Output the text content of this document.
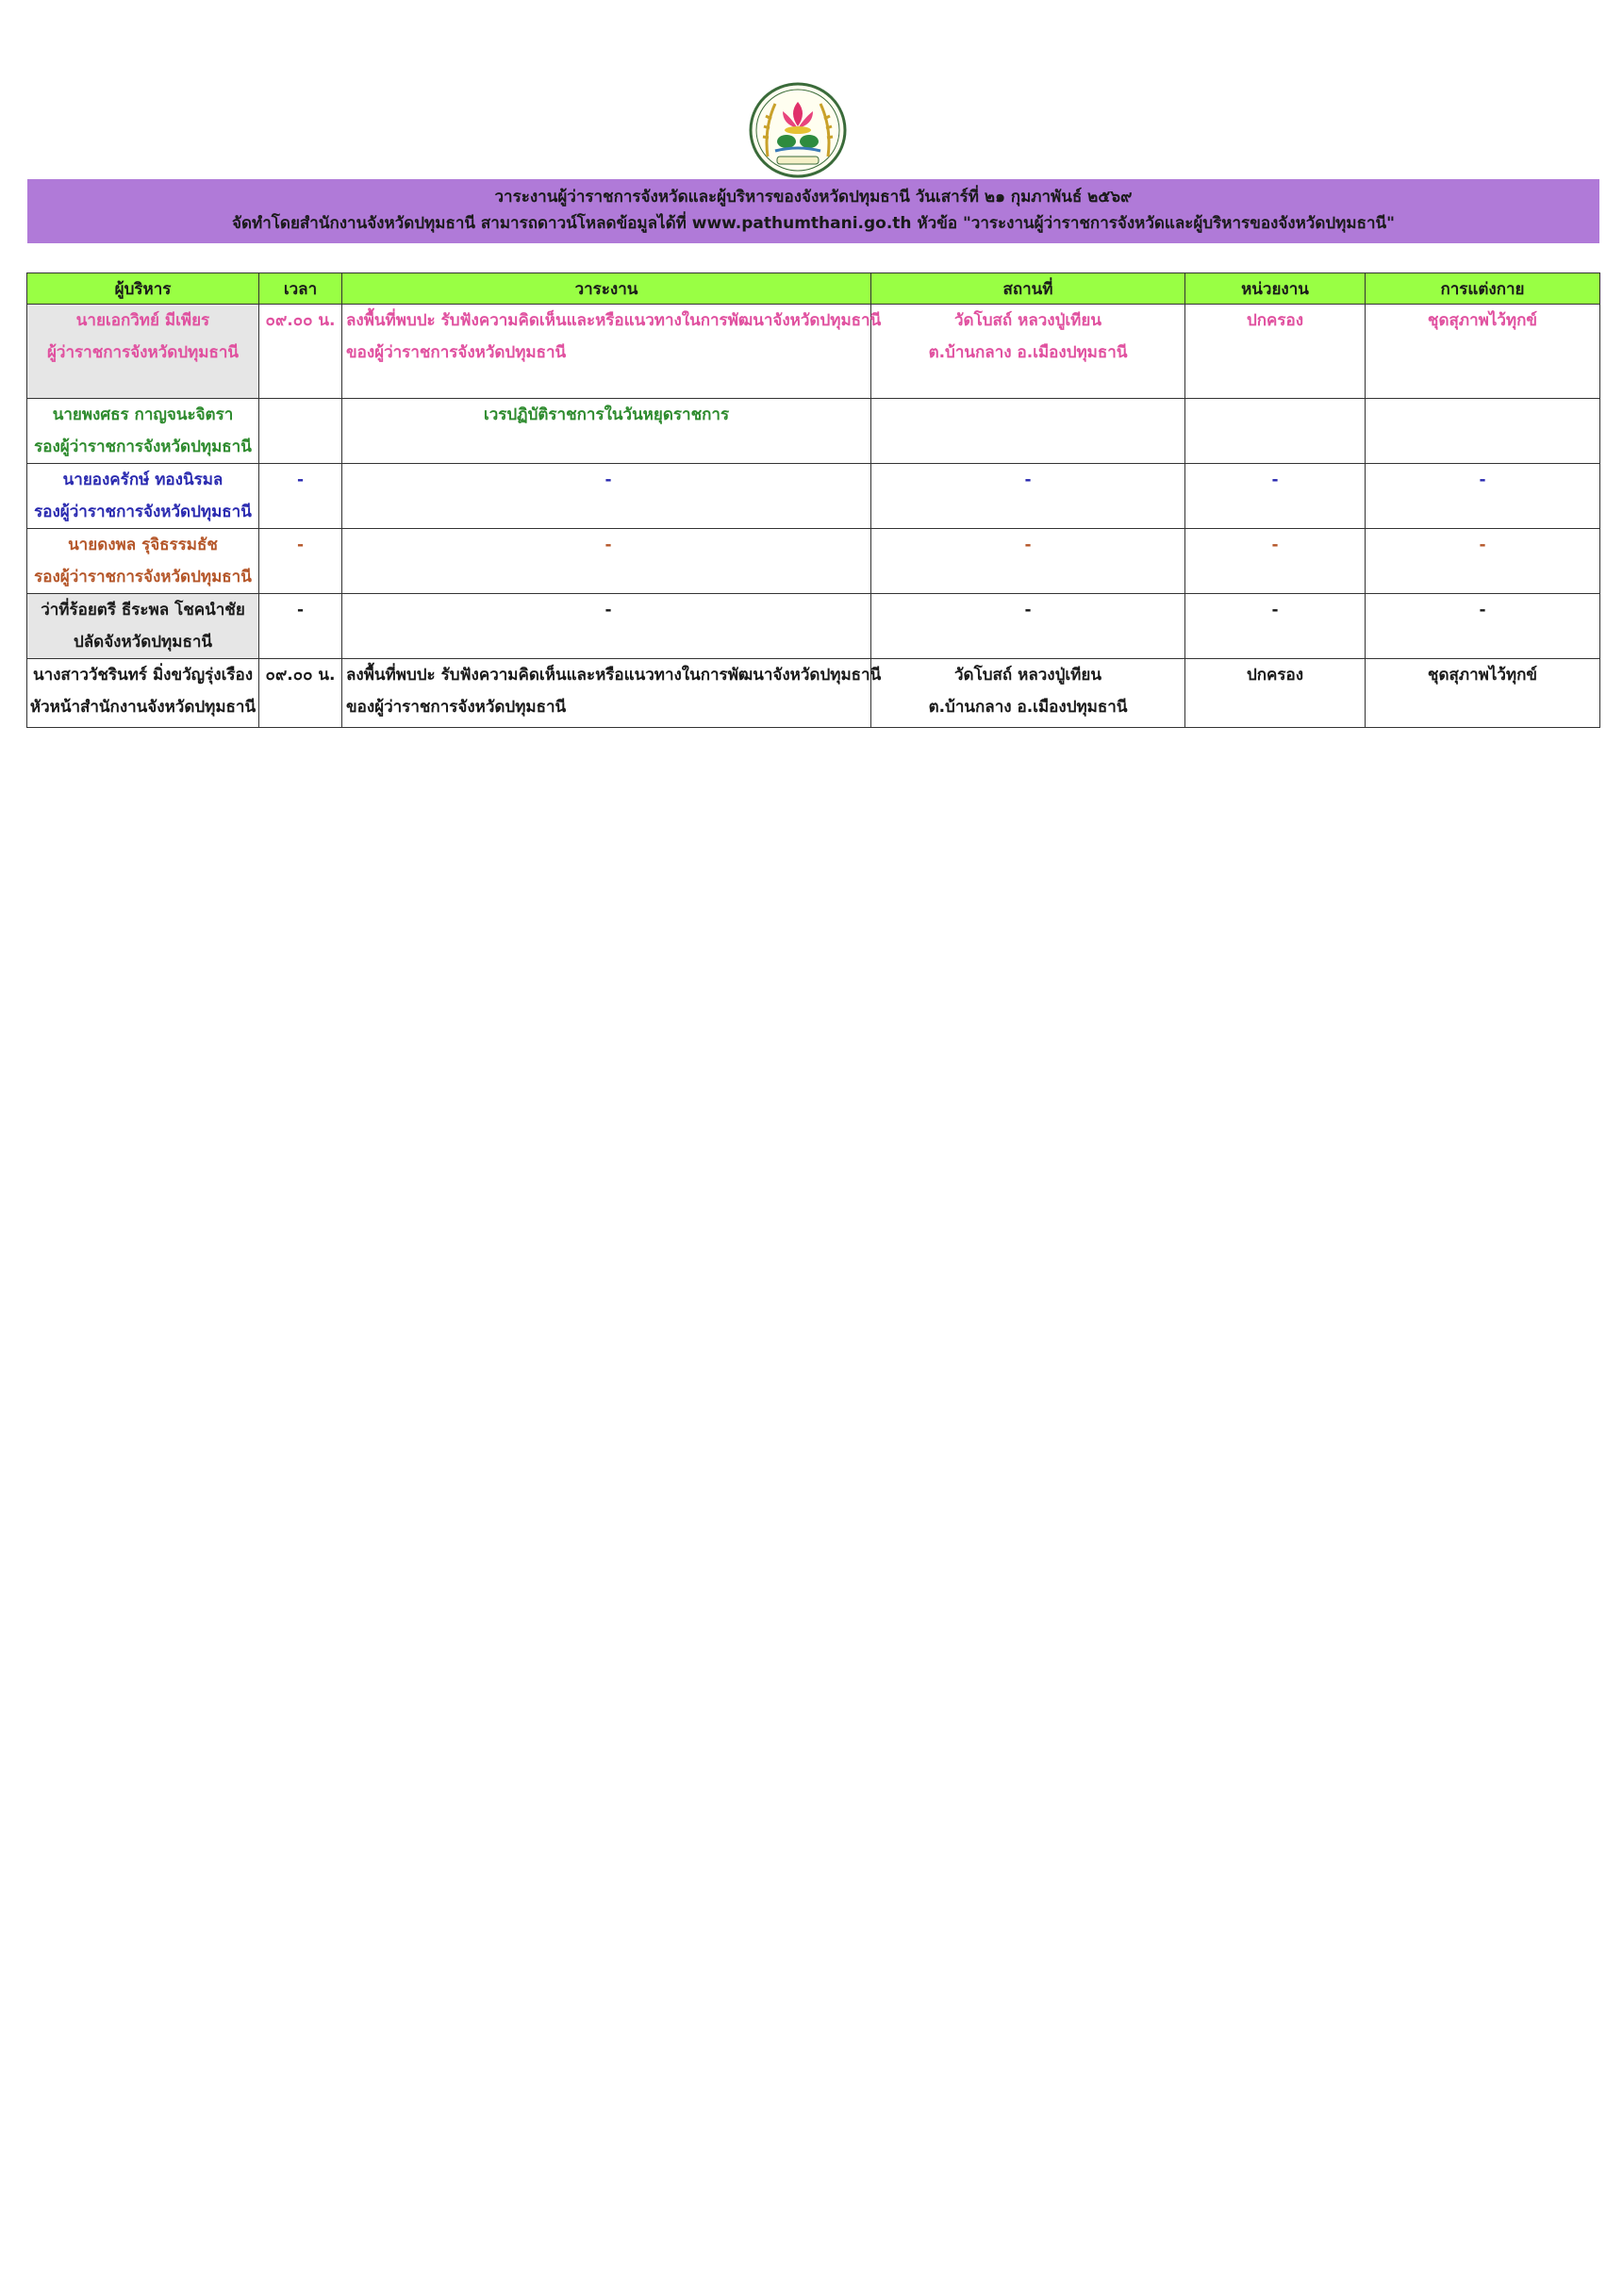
วาระงานผู้ว่าราชการจังหวัดและผู้บริหารของจังหวัดปทุมธานี วันเสาร์ที่ ๒๑ กุมภาพันธ์ ๒๕๖๙
จัดทำโดยสำนักงานจังหวัดปทุมธานี สามารถดาวน์โหลดข้อมูลได้ที่ www.pathumthani.go.th หัวข้อ "วาระงานผู้ว่าราชการจังหวัดและผู้บริหารของจังหวัดปทุมธานี"
ผู้บริหาร	เวลา	วาระงาน	สถานที่	หน่วยงาน	การแต่งกาย

นายเอกวิทย์ มีเพียร
ผู้ว่าราชการจังหวัดปทุมธานี	๐๙.๐๐ น.	ลงพื้นที่พบปะ รับฟังความคิดเห็นและหรือแนวทางในการพัฒนาจังหวัดปทุมธานี
ของผู้ว่าราชการจังหวัดปทุมธานี	วัดโบสถ์ หลวงปู่เทียน
ต.บ้านกลาง อ.เมืองปทุมธานี	ปกครอง	ชุดสุภาพไว้ทุกข์

นายพงศธร กาญจนะจิตรา
รองผู้ว่าราชการจังหวัดปทุมธานี		เวรปฏิบัติราชการในวันหยุดราชการ			

นายองครักษ์ ทองนิรมล
รองผู้ว่าราชการจังหวัดปทุมธานี	-	-	-	-	-

นายดงพล รุจิธรรมธัช
รองผู้ว่าราชการจังหวัดปทุมธานี	-	-	-	-	-

ว่าที่ร้อยตรี ธีระพล โชคนำชัย
ปลัดจังหวัดปทุมธานี	-	-	-	-	-

นางสาววัชรินทร์ มิ่งขวัญรุ่งเรือง
หัวหน้าสำนักงานจังหวัดปทุมธานี	๐๙.๐๐ น.	ลงพื้นที่พบปะ รับฟังความคิดเห็นและหรือแนวทางในการพัฒนาจังหวัดปทุมธานี
ของผู้ว่าราชการจังหวัดปทุมธานี	วัดโบสถ์ หลวงปู่เทียน
ต.บ้านกลาง อ.เมืองปทุมธานี	ปกครอง	ชุดสุภาพไว้ทุกข์
